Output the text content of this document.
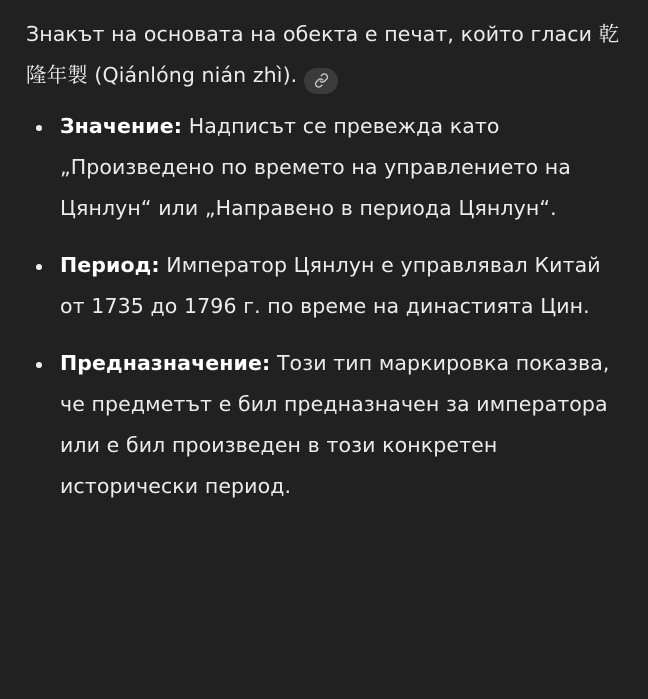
Знакът на основата на обекта е печат, който гласи 乾隆年製 (Qiánlóng nián zhì).

Значение: Надписът се превежда като „Произведено по времето на управлението на Цянлун“ или „Направено в периода Цянлун“.
Период: Император Цянлун е управлявал Китай от 1735 до 1796 г. по време на династията Цин.
Предназначение: Този тип маркировка показва, че предметът е бил предназначен за императора или е бил произведен в този конкретен исторически период.
